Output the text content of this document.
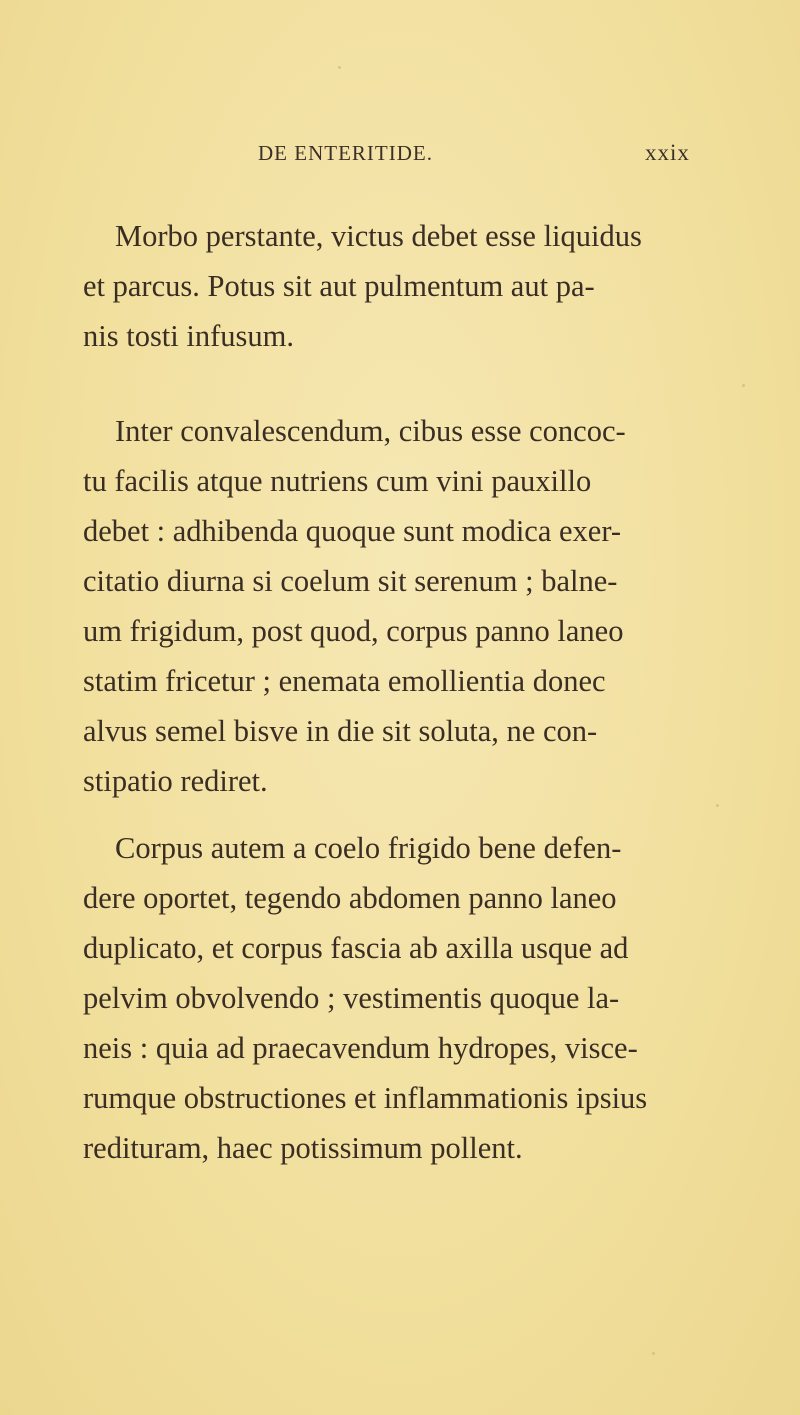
DE ENTERITIDE.	xxix

Morbo perstante, victus debet esse liquidus
et parcus. Potus sit aut pulmentum aut pa-
nis tosti infusum.

Inter convalescendum, cibus esse concoc-
tu facilis atque nutriens cum vini pauxillo
debet : adhibenda quoque sunt modica exer-
citatio diurna si coelum sit serenum ; balne-
um frigidum, post quod, corpus panno laneo
statim fricetur ; enemata emollientia donec
alvus semel bisve in die sit soluta, ne con-
stipatio rediret.

Corpus autem a coelo frigido bene defen-
dere oportet, tegendo abdomen panno laneo
duplicato, et corpus fascia ab axilla usque ad
pelvim obvolvendo ; vestimentis quoque la-
neis : quia ad praecavendum hydropes, visce-
rumque obstructiones et inflammationis ipsius
redituram, haec potissimum pollent.
